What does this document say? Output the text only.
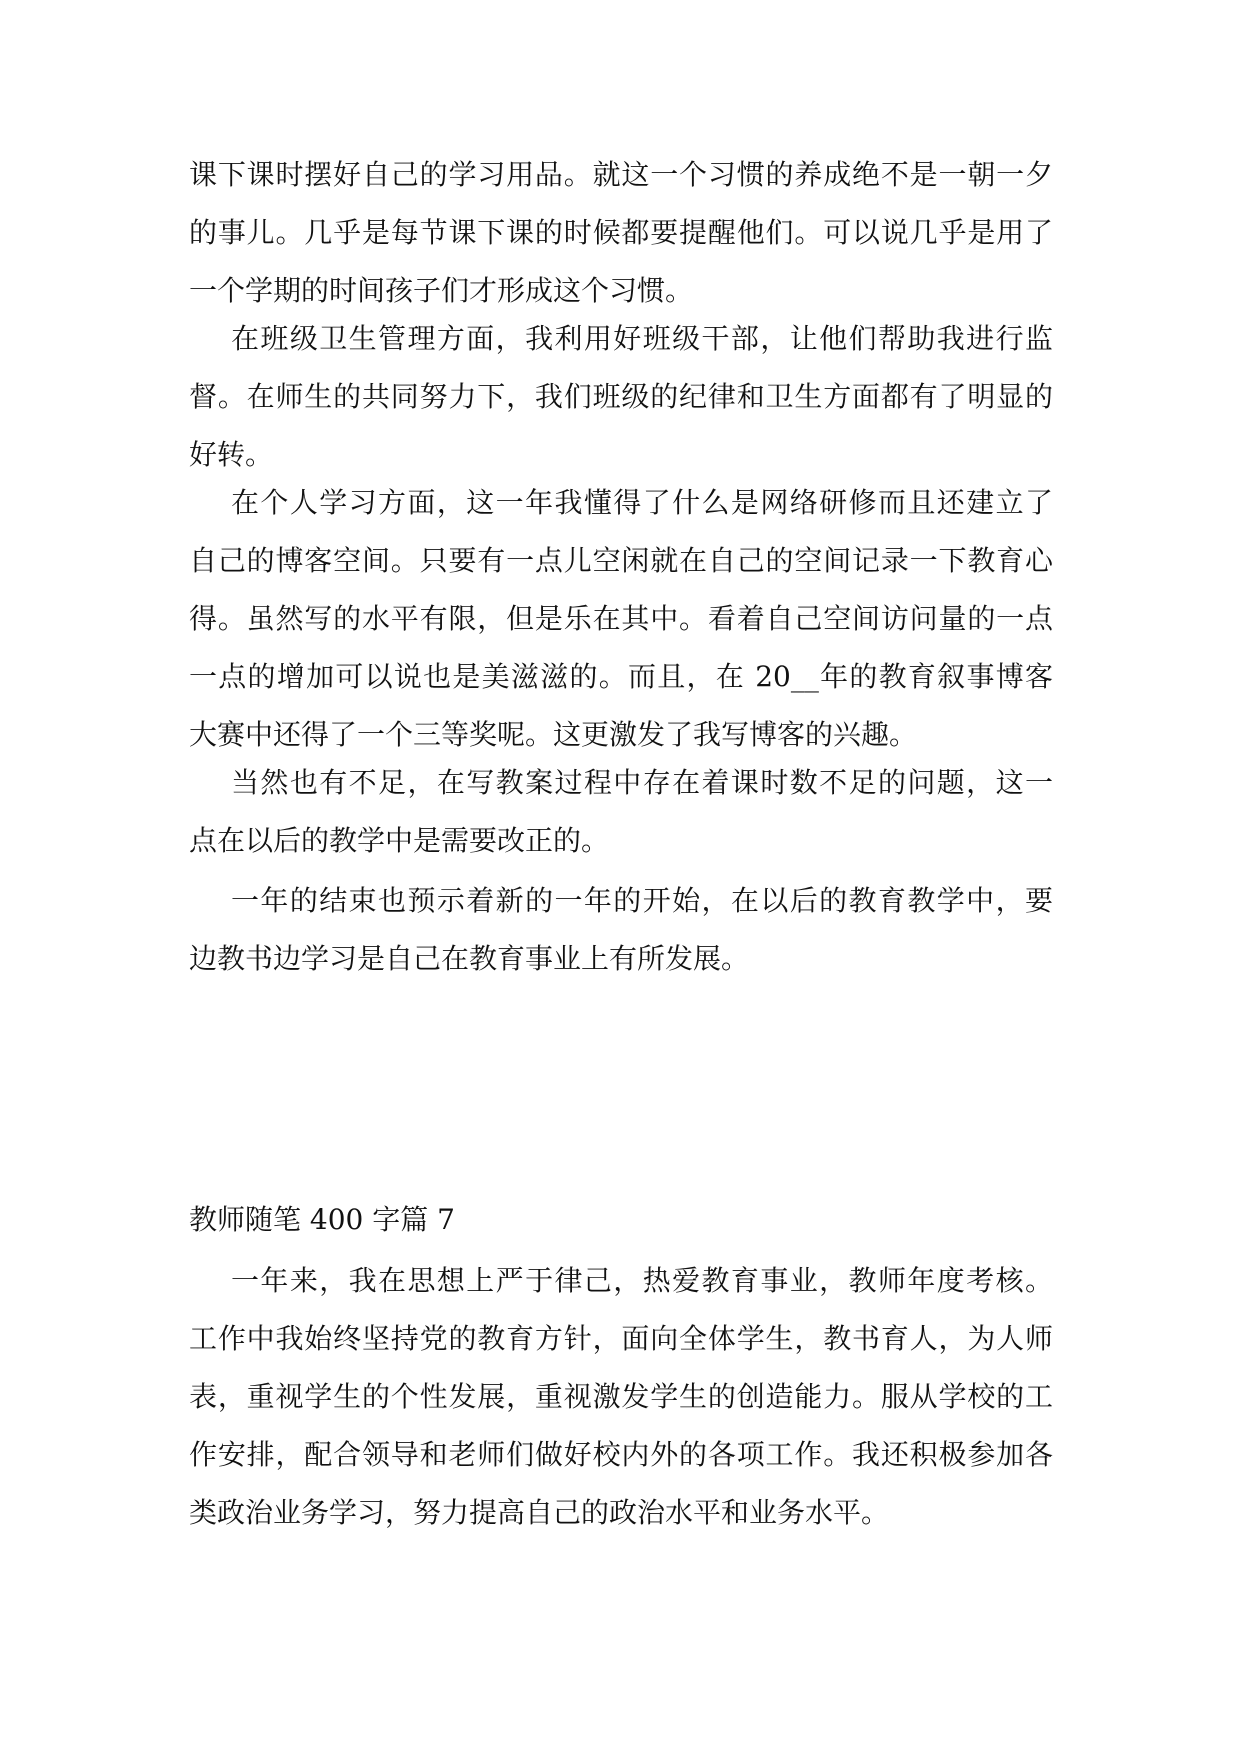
课下课时摆好自己的学习用品。就这一个习惯的养成绝不是一朝一夕
的事儿。几乎是每节课下课的时候都要提醒他们。可以说几乎是用了
一个学期的时间孩子们才形成这个习惯。
在班级卫生管理方面，我利用好班级干部，让他们帮助我进行监
督。在师生的共同努力下，我们班级的纪律和卫生方面都有了明显的
好转。
在个人学习方面，这一年我懂得了什么是网络研修而且还建立了
自己的博客空间。只要有一点儿空闲就在自己的空间记录一下教育心
得。虽然写的水平有限，但是乐在其中。看着自己空间访问量的一点
一点的增加可以说也是美滋滋的。而且，在 20__年的教育叙事博客
大赛中还得了一个三等奖呢。这更激发了我写博客的兴趣。
当然也有不足，在写教案过程中存在着课时数不足的问题，这一
点在以后的教学中是需要改正的。
一年的结束也预示着新的一年的开始，在以后的教育教学中，要
边教书边学习是自己在教育事业上有所发展。
教师随笔 400 字篇 7
一年来，我在思想上严于律己，热爱教育事业，教师年度考核。
工作中我始终坚持党的教育方针，面向全体学生，教书育人，为人师
表，重视学生的个性发展，重视激发学生的创造能力。服从学校的工
作安排，配合领导和老师们做好校内外的各项工作。我还积极参加各
类政治业务学习，努力提高自己的政治水平和业务水平。
